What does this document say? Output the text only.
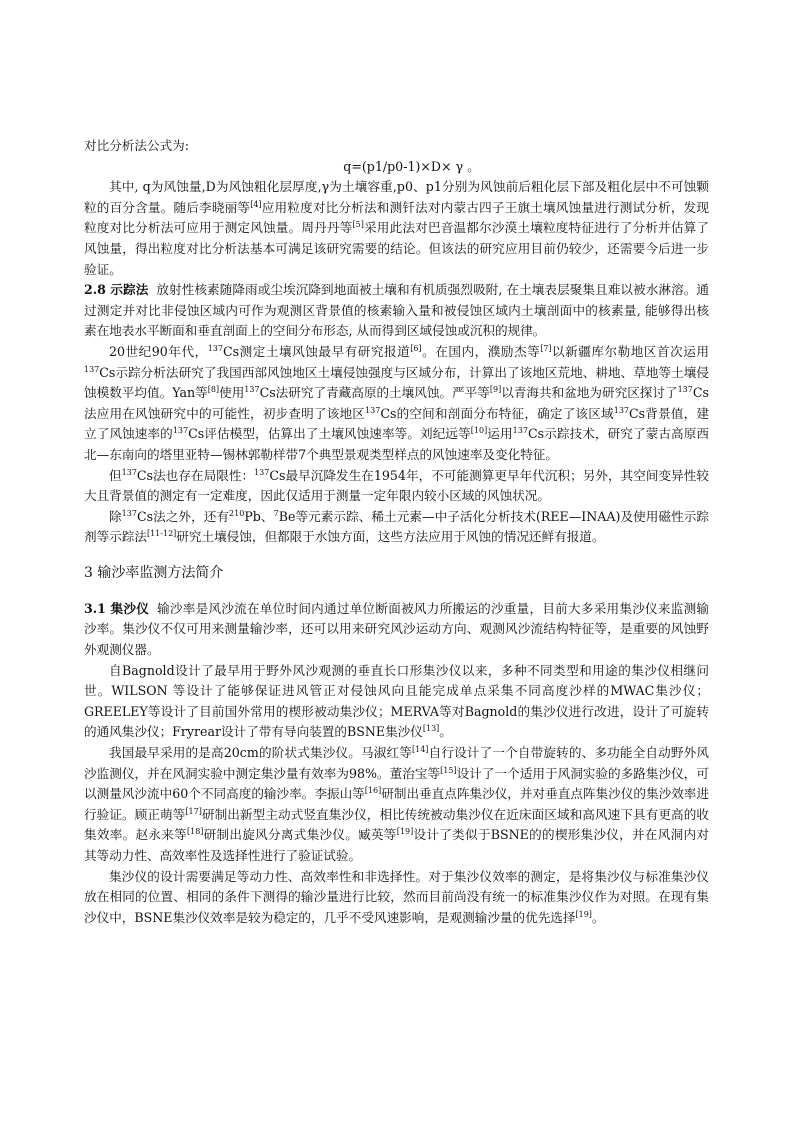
对比分析法公式为:

q=(p1/p0-1)×D× γ 。

其中, q为风蚀量,D为风蚀粗化层厚度,γ为土壤容重,p0、p1分别为风蚀前后粗化层下部及粗化层中不可蚀颗粒的百分含量。随后李晓丽等[4]应用粒度对比分析法和测钎法对内蒙古四子王旗土壤风蚀量进行测试分析，发现粒度对比分析法可应用于测定风蚀量。周丹丹等[5]采用此法对巴音温都尔沙漠土壤粒度特征进行了分析并估算了风蚀量，得出粒度对比分析法基本可满足该研究需要的结论。但该法的研究应用目前仍较少，还需要今后进一步验证。

2.8 示踪法 放射性核素随降雨或尘埃沉降到地面被土壤和有机质强烈吸附, 在土壤表层聚集且难以被水淋溶。通过测定并对比非侵蚀区域内可作为观测区背景值的核素输入量和被侵蚀区域内土壤剖面中的核素量, 能够得出核素在地表水平断面和垂直剖面上的空间分布形态, 从而得到区域侵蚀或沉积的规律。

20世纪90年代，$^{137}$Cs测定土壤风蚀最早有研究报道[6]。在国内，濮励杰等[7]以新疆库尔勒地区首次运用$^{137}$Cs示踪分析法研究了我国西部风蚀地区土壤侵蚀强度与区域分布，计算出了该地区荒地、耕地、草地等土壤侵蚀模数平均值。Yan等[8]使用$^{137}$Cs法研究了青藏高原的土壤风蚀。严平等[9]以青海共和盆地为研究区探讨了$^{137}$Cs法应用在风蚀研究中的可能性，初步查明了该地区$^{137}$Cs的空间和剖面分布特征，确定了该区域$^{137}$Cs背景值，建立了风蚀速率的$^{137}$Cs评估模型，估算出了土壤风蚀速率等。刘纪远等[10]运用$^{137}$Cs示踪技术，研究了蒙古高原西北—东南向的塔里亚特—锡林郭勒样带7个典型景观类型样点的风蚀速率及变化特征。

但$^{137}$Cs法也存在局限性：$^{137}$Cs最早沉降发生在1954年，不可能测算更早年代沉积；另外，其空间变异性较大且背景值的测定有一定难度，因此仅适用于测量一定年限内较小区域的风蚀状况。

除$^{137}$Cs法之外，还有$^{210}$Pb、$^7$Be等元素示踪、稀土元素—中子活化分析技术(REE—INAA)及使用磁性示踪剂等示踪法[11-12]研究土壤侵蚀，但都限于水蚀方面，这些方法应用于风蚀的情况还鲜有报道。

3 输沙率监测方法简介

3.1 集沙仪 输沙率是风沙流在单位时间内通过单位断面被风力所搬运的沙重量，目前大多采用集沙仪来监测输沙率。集沙仪不仅可用来测量输沙率，还可以用来研究风沙运动方向、观测风沙流结构特征等，是重要的风蚀野外观测仪器。

自Bagnold设计了最早用于野外风沙观测的垂直长口形集沙仪以来，多种不同类型和用途的集沙仪相继问世。WILSON 等设计了能够保证进风管正对侵蚀风向且能完成单点采集不同高度沙样的MWAC集沙仪；GREELEY等设计了目前国外常用的楔形被动集沙仪；MERVA等对Bagnold的集沙仪进行改进，设计了可旋转的通风集沙仪；Fryrear设计了带有导向装置的BSNE集沙仪[13]。

我国最早采用的是高20cm的阶状式集沙仪。马淑红等[14]自行设计了一个自带旋转的、多功能全自动野外风沙监测仪，并在风洞实验中测定集沙量有效率为98%。董治宝等[15]设计了一个适用于风洞实验的多路集沙仪，可以测量风沙流中60个不同高度的输沙率。李振山等[16]研制出垂直点阵集沙仪，并对垂直点阵集沙仪的集沙效率进行验证。顾正萌等[17]研制出新型主动式竖直集沙仪，相比传统被动集沙仪在近床面区域和高风速下具有更高的收集效率。赵永来等[18]研制出旋风分离式集沙仪。臧英等[19]设计了类似于BSNE的的楔形集沙仪，并在风洞内对其等动力性、高效率性及选择性进行了验证试验。

集沙仪的设计需要满足等动力性、高效率性和非选择性。对于集沙仪效率的测定，是将集沙仪与标准集沙仪放在相同的位置、相同的条件下测得的输沙量进行比较，然而目前尚没有统一的标准集沙仪作为对照。在现有集沙仪中，BSNE集沙仪效率是较为稳定的，几乎不受风速影响，是观测输沙量的优先选择[19]。
